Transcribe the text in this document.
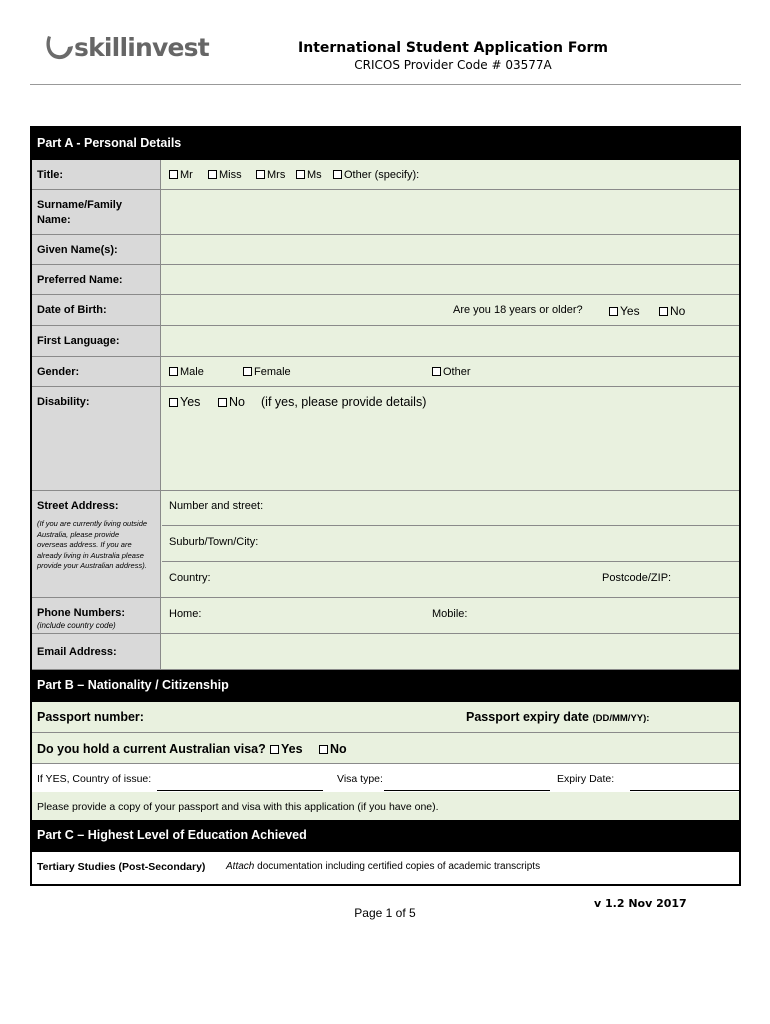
skillinvest	International Student Application Form
CRICOS Provider Code # 03577A
Part A - Personal Details
Title:	Mr	Miss	Mrs	Ms	Other (specify):
Surname/Family Name:
Given Name(s):
Preferred Name:
Date of Birth:	Are you 18 years or older?	Yes	No
First Language:
Gender:	Male	Female	Other
Disability:	Yes	No (if yes, please provide details)
Street Address:
(If you are currently living outside Australia, please provide overseas address. If you are already living in Australia please provide your Australian address).
Number and street:
Suburb/Town/City:
Country:	Postcode/ZIP:
Phone Numbers:
(include country code)
Home:	Mobile:
Email Address:
Part B – Nationality / Citizenship
Passport number:	Passport expiry date (DD/MM/YY):
Do you hold a current Australian visa?	Yes	No
If YES, Country of issue:	Visa type:	Expiry Date:
Please provide a copy of your passport and visa with this application (if you have one).
Part C – Highest Level of Education Achieved
Tertiary Studies (Post-Secondary) Attach documentation including certified copies of academic transcripts
v 1.2 Nov 2017
Page 1 of 5
